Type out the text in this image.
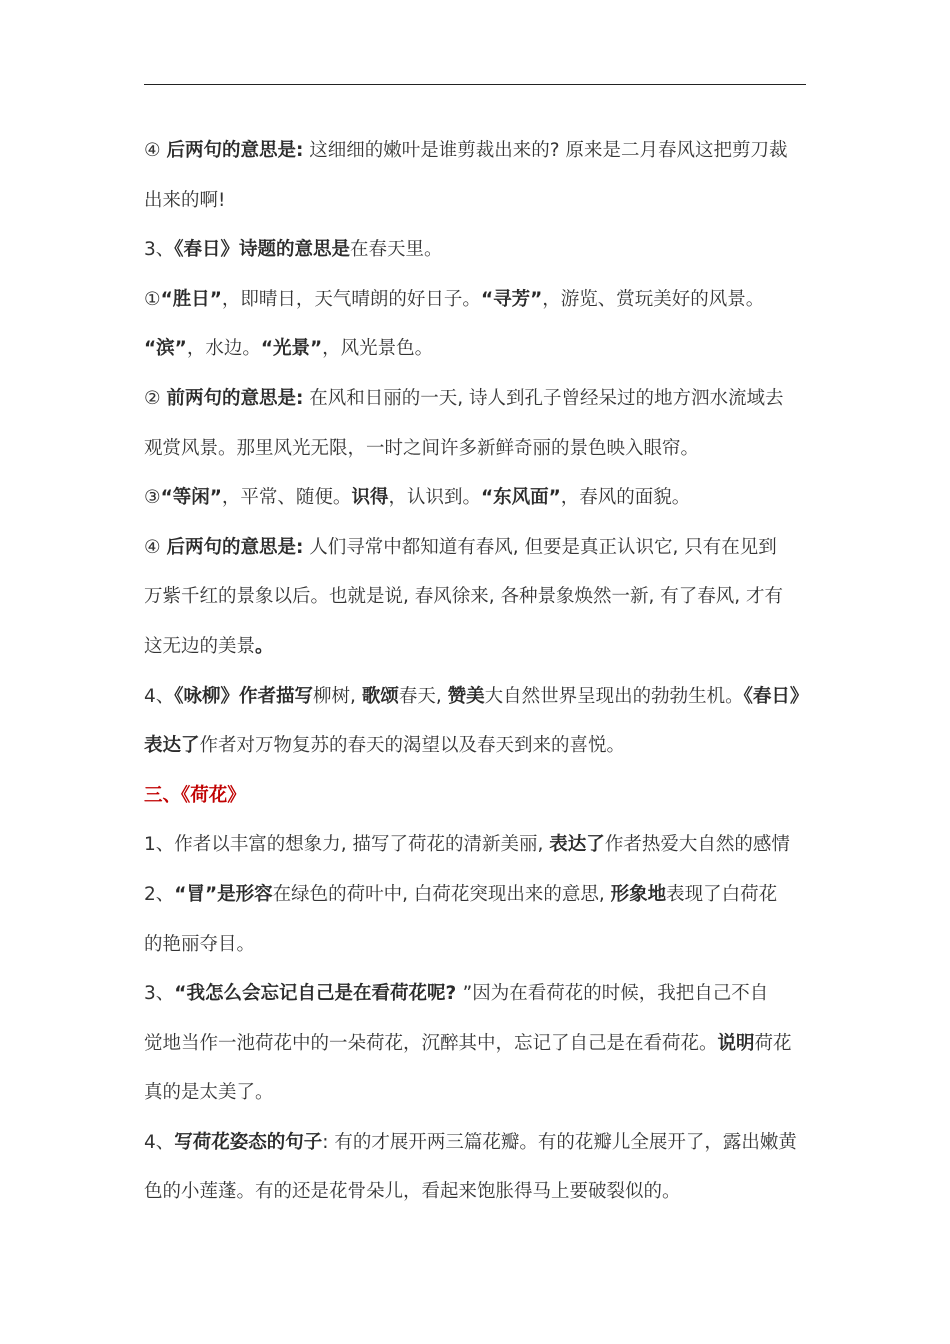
④ 后两句的意思是: 这细细的嫩叶是谁剪裁出来的? 原来是二月春风这把剪刀裁
出来的啊!
3、《春日》诗题的意思是在春天里。
①“胜日”，即晴日，天气晴朗的好日子。“寻芳”，游览、赏玩美好的风景。
“滨”，水边。“光景”，风光景色。
② 前两句的意思是: 在风和日丽的一天, 诗人到孔子曾经呆过的地方泗水流域去
观赏风景。那里风光无限，一时之间许多新鲜奇丽的景色映入眼帘。
③“等闲”，平常、随便。识得，认识到。“东风面”，春风的面貌。
④ 后两句的意思是: 人们寻常中都知道有春风, 但要是真正认识它, 只有在见到
万紫千红的景象以后。也就是说, 春风徐来, 各种景象焕然一新, 有了春风, 才有
这无边的美景。
4、《咏柳》作者描写柳树, 歌颂春天, 赞美大自然世界呈现出的勃勃生机。《春日》
表达了作者对万物复苏的春天的渴望以及春天到来的喜悦。
三、《荷花》
1、作者以丰富的想象力, 描写了荷花的清新美丽, 表达了作者热爱大自然的感情
2、“冒”是形容在绿色的荷叶中, 白荷花突现出来的意思, 形象地表现了白荷花
的艳丽夺目。
3、“我怎么会忘记自己是在看荷花呢? ”因为在看荷花的时候，我把自己不自
觉地当作一池荷花中的一朵荷花，沉醉其中，忘记了自己是在看荷花。说明荷花
真的是太美了。
4、写荷花姿态的句子: 有的才展开两三篇花瓣。有的花瓣儿全展开了，露出嫩黄
色的小莲蓬。有的还是花骨朵儿，看起来饱胀得马上要破裂似的。
